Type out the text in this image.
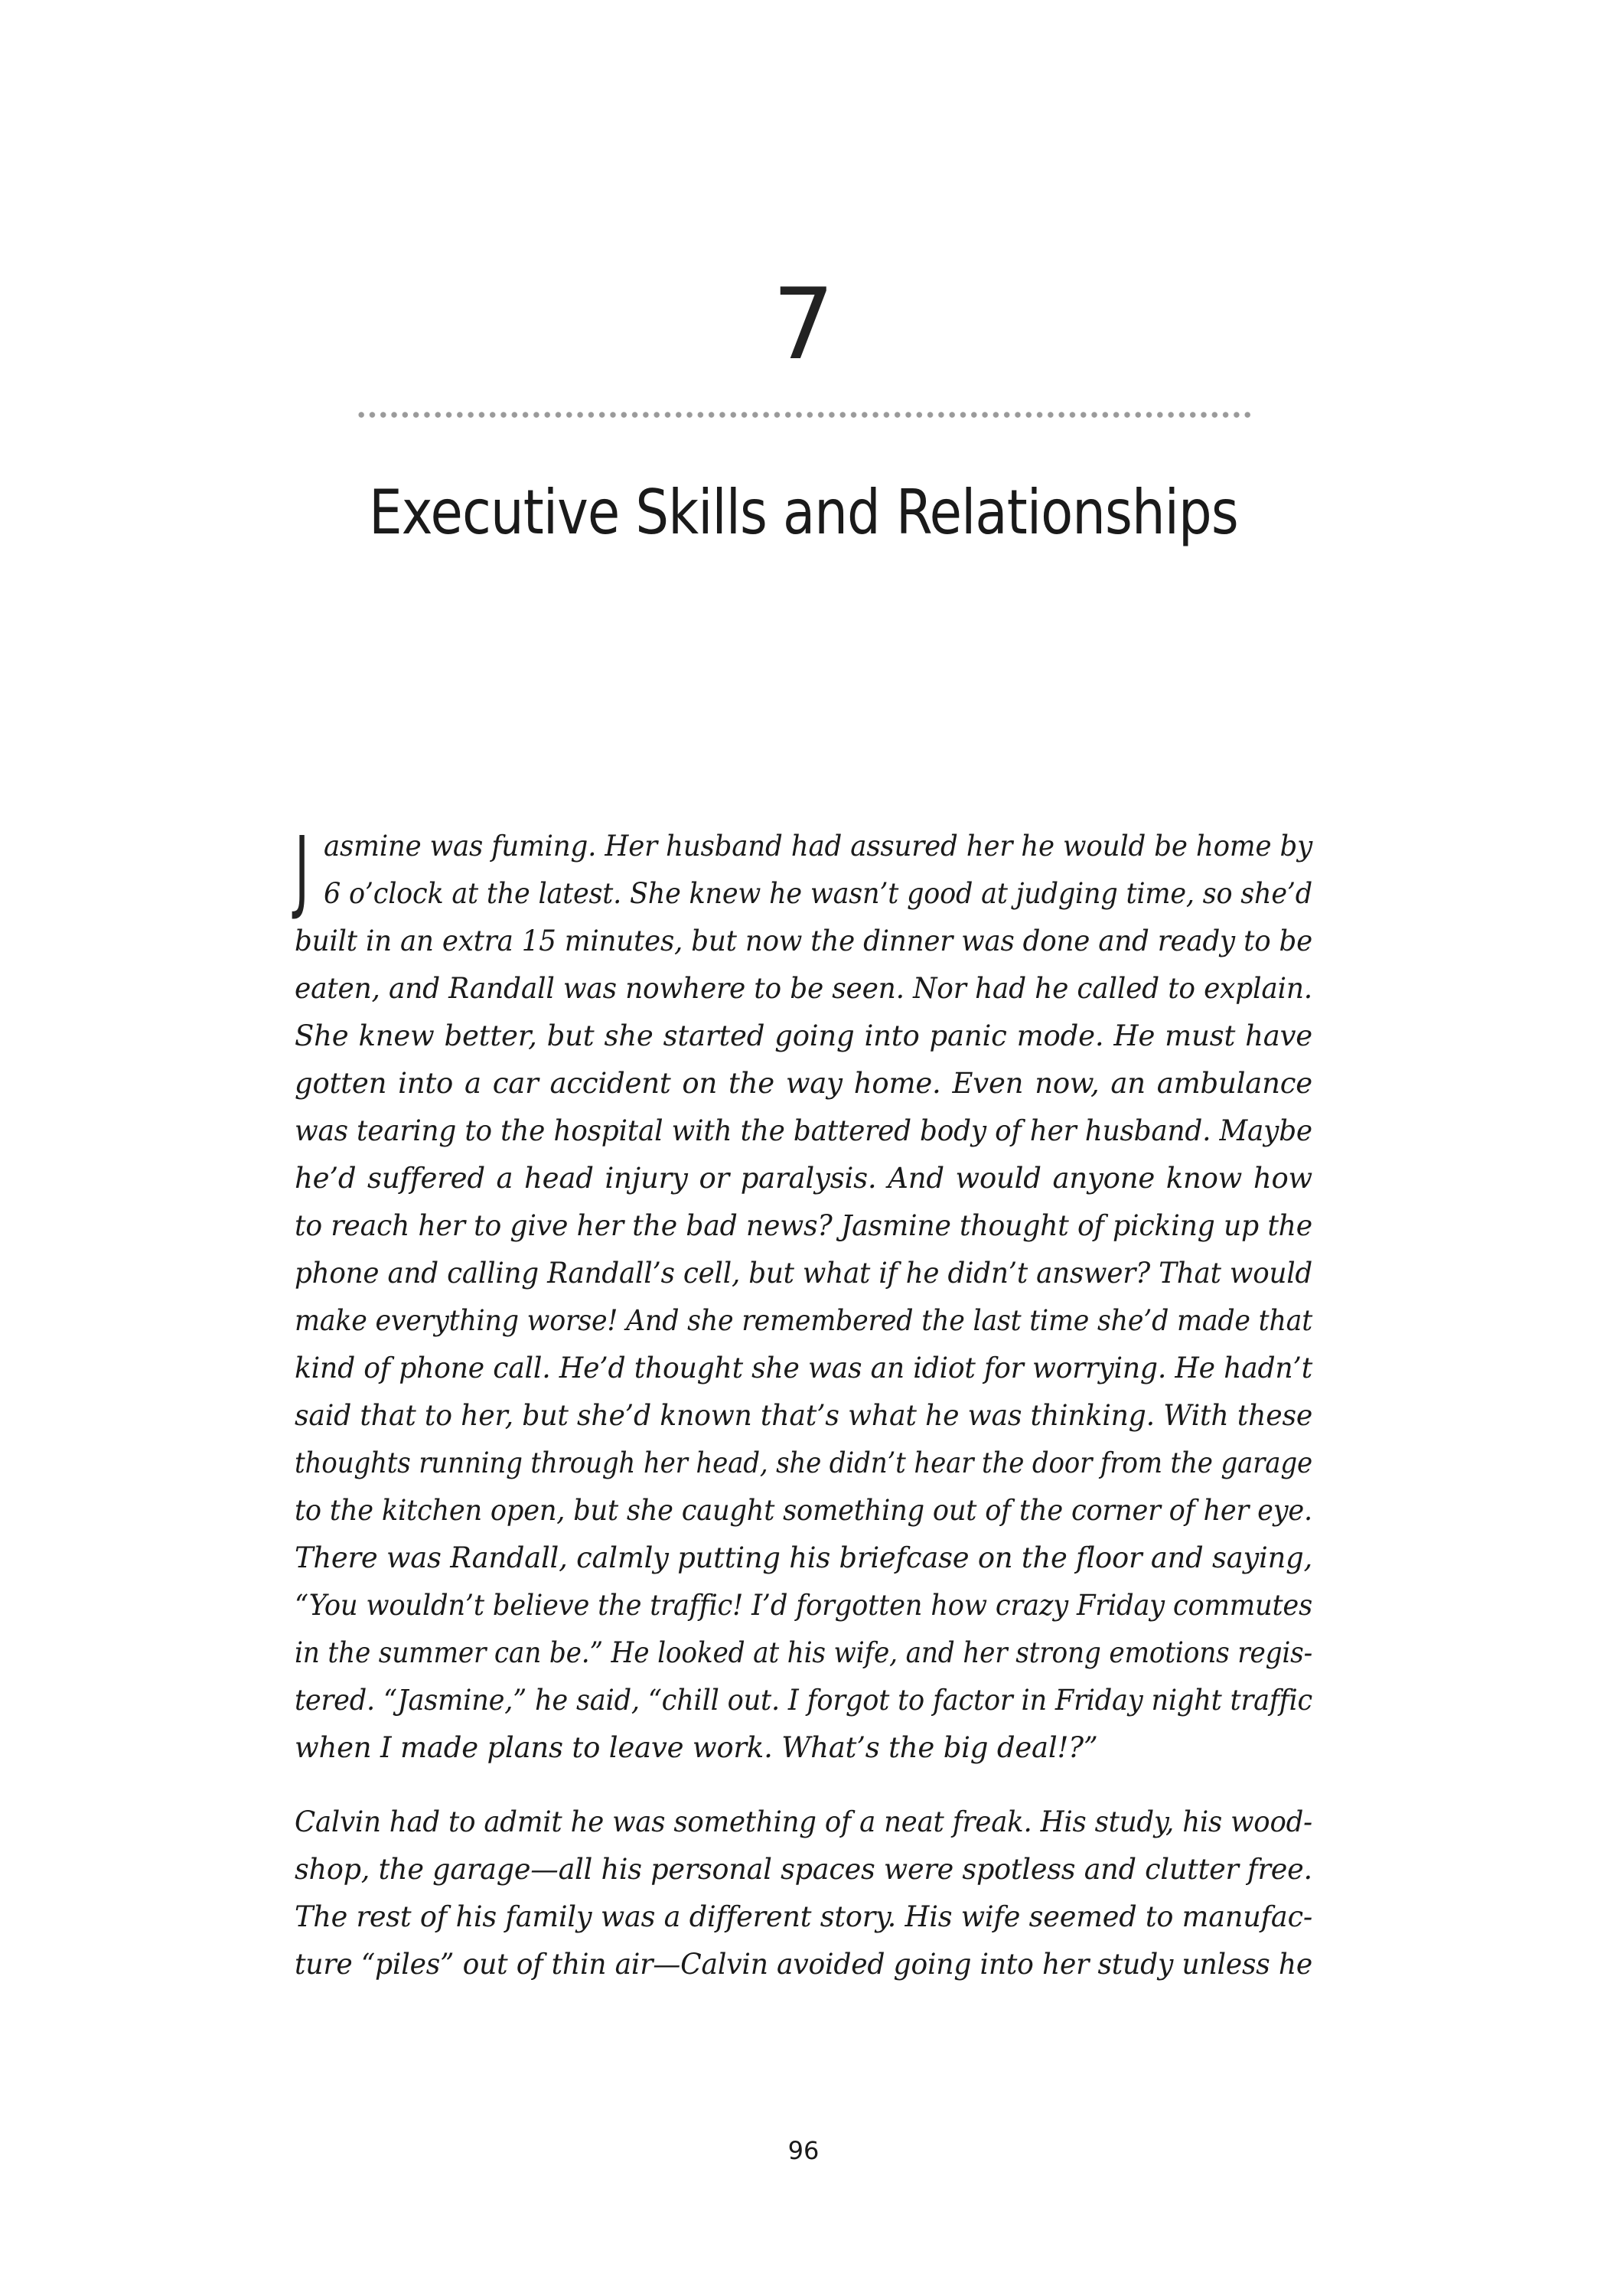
7
Executive Skills and Relationships
J asmine was fuming. Her husband had assured her he would be home by
6 o’clock at the latest. She knew he wasn’t good at judging time, so she’d
built in an extra 15 minutes, but now the dinner was done and ready to be
eaten, and Randall was nowhere to be seen. Nor had he called to explain.
She knew better, but she started going into panic mode. He must have
gotten into a car accident on the way home. Even now, an ambulance
was tearing to the hospital with the battered body of her husband. Maybe
he’d suffered a head injury or paralysis. And would anyone know how
to reach her to give her the bad news? Jasmine thought of picking up the
phone and calling Randall’s cell, but what if he didn’t answer? That would
make everything worse! And she remembered the last time she’d made that
kind of phone call. He’d thought she was an idiot for worrying. He hadn’t
said that to her, but she’d known that’s what he was thinking. With these
thoughts running through her head, she didn’t hear the door from the garage
to the kitchen open, but she caught something out of the corner of her eye.
There was Randall, calmly putting his briefcase on the floor and saying,
“You wouldn’t believe the traffic! I’d forgotten how crazy Friday commutes
in the summer can be.” He looked at his wife, and her strong emotions regis-
tered. “Jasmine,” he said, “chill out. I forgot to factor in Friday night traffic
when I made plans to leave work. What’s the big deal!?”
Calvin had to admit he was something of a neat freak. His study, his wood-
shop, the garage—all his personal spaces were spotless and clutter free.
The rest of his family was a different story. His wife seemed to manufac-
ture “piles” out of thin air—Calvin avoided going into her study unless he
96
